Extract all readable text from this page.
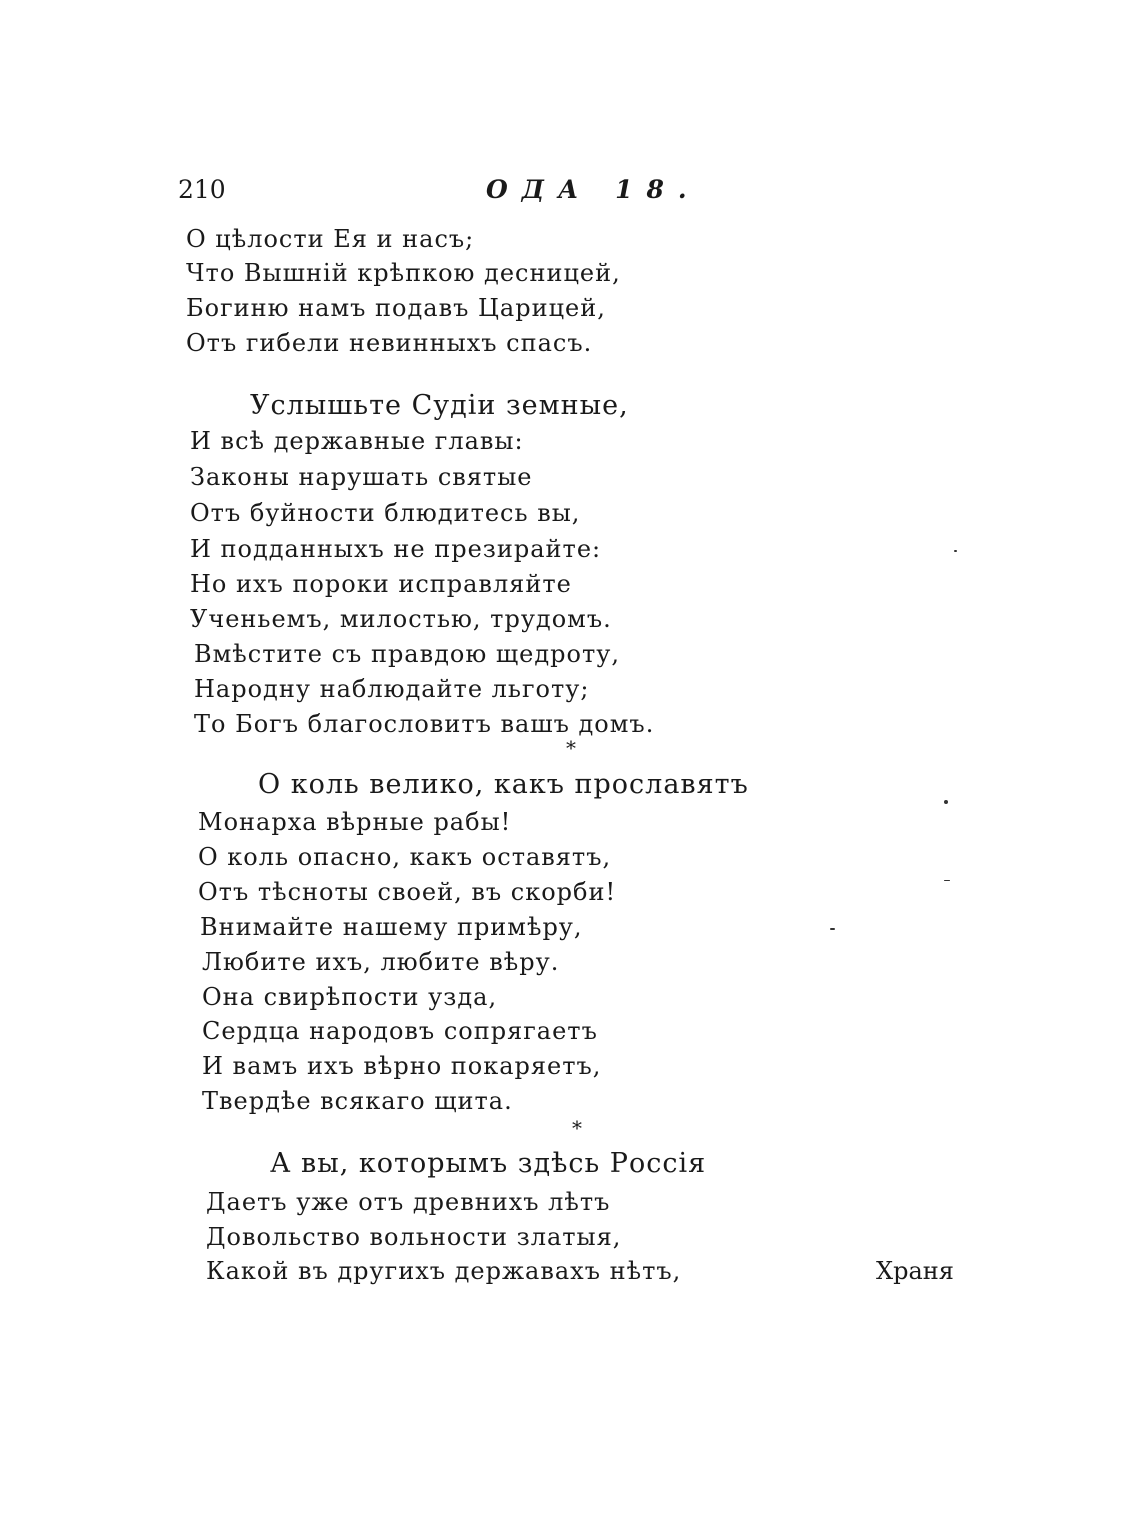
210	ОДА 18.
О цѣлости Ея и насъ;
Что Вышній крѣпкою десницей,
Богиню намъ подавъ Царицей,
Отъ гибели невинныхъ спасъ.
Услышьте Судіи земные,
И всѣ державные главы:
Законы нарушать святые
Отъ буйности блюдитесь вы,
И подданныхъ не презирайте:
Но ихъ пороки исправляйте
Ученьемъ, милостью, трудомъ.
Вмѣстите съ правдою щедроту,
Народну наблюдайте льготу;
То Богъ благословитъ вашъ домъ.
*
О коль велико, какъ прославятъ
Монарха вѣрные рабы!
О коль опасно, какъ оставятъ,
Отъ тѣсноты своей, въ скорби!
Внимайте нашему примѣру,
Любите ихъ, любите вѣру.
Она свирѣпости узда,
Сердца народовъ сопрягаетъ
И вамъ ихъ вѣрно покаряетъ,
Твердѣе всякаго щита.
*
А вы, которымъ здѣсь Россія
Даетъ уже отъ древнихъ лѣтъ
Довольство вольности златыя,
Какой въ другихъ державахъ нѣтъ,	Храня
